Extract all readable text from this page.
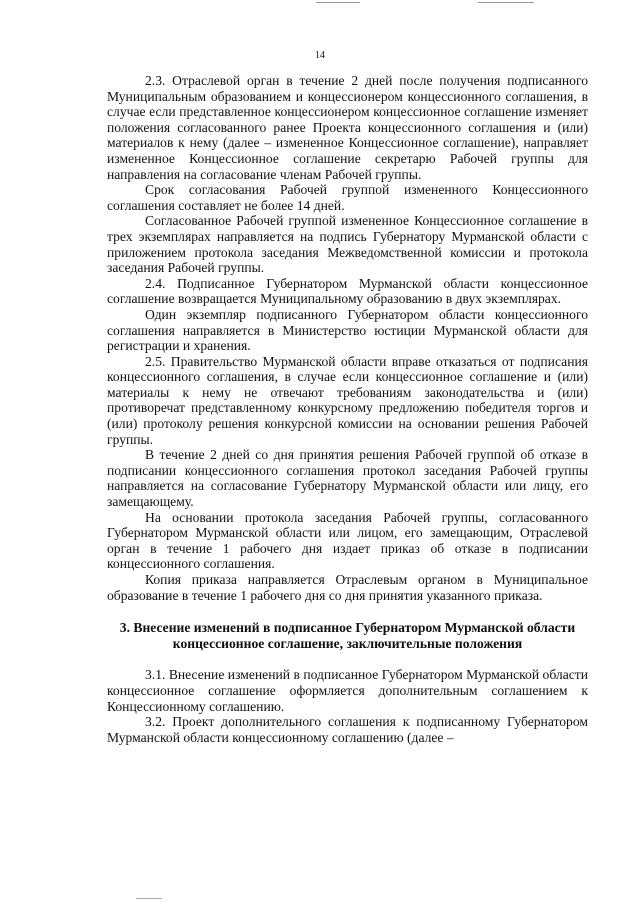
14

2.3. Отраслевой орган в течение 2 дней после получения подписанного Муниципальным образованием и концессионером концессионного соглашения, в случае если представленное концессионером концессионное соглашение изменяет положения согласованного ранее Проекта концессионного соглашения и (или) материалов к нему (далее – измененное Концессионное соглашение), направляет измененное Концессионное соглашение секретарю Рабочей группы для направления на согласование членам Рабочей группы.

Срок согласования Рабочей группой измененного Концессионного соглашения составляет не более 14 дней.

Согласованное Рабочей группой измененное Концессионное соглашение в трех экземплярах направляется на подпись Губернатору Мурманской области с приложением протокола заседания Межведомственной комиссии и протокола заседания Рабочей группы.

2.4. Подписанное Губернатором Мурманской области концессионное соглашение возвращается Муниципальному образованию в двух экземплярах.

Один экземпляр подписанного Губернатором области концессионного соглашения направляется в Министерство юстиции Мурманской области для регистрации и хранения.

2.5. Правительство Мурманской области вправе отказаться от подписания концессионного соглашения, в случае если концессионное соглашение и (или) материалы к нему не отвечают требованиям законодательства и (или) противоречат представленному конкурсному предложению победителя торгов и (или) протоколу решения конкурсной комиссии на основании решения Рабочей группы.

В течение 2 дней со дня принятия решения Рабочей группой об отказе в подписании концессионного соглашения протокол заседания Рабочей группы направляется на согласование Губернатору Мурманской области или лицу, его замещающему.

На основании протокола заседания Рабочей группы, согласованного Губернатором Мурманской области или лицом, его замещающим, Отраслевой орган в течение 1 рабочего дня издает приказ об отказе в подписании концессионного соглашения.

Копия приказа направляется Отраслевым органом в Муниципальное образование в течение 1 рабочего дня со дня принятия указанного приказа.

3. Внесение изменений в подписанное Губернатором Мурманской области концессионное соглашение, заключительные положения

3.1. Внесение изменений в подписанное Губернатором Мурманской области концессионное соглашение оформляется дополнительным соглашением к Концессионному соглашению.

3.2. Проект дополнительного соглашения к подписанному Губернатором Мурманской области концессионному соглашению (далее –
